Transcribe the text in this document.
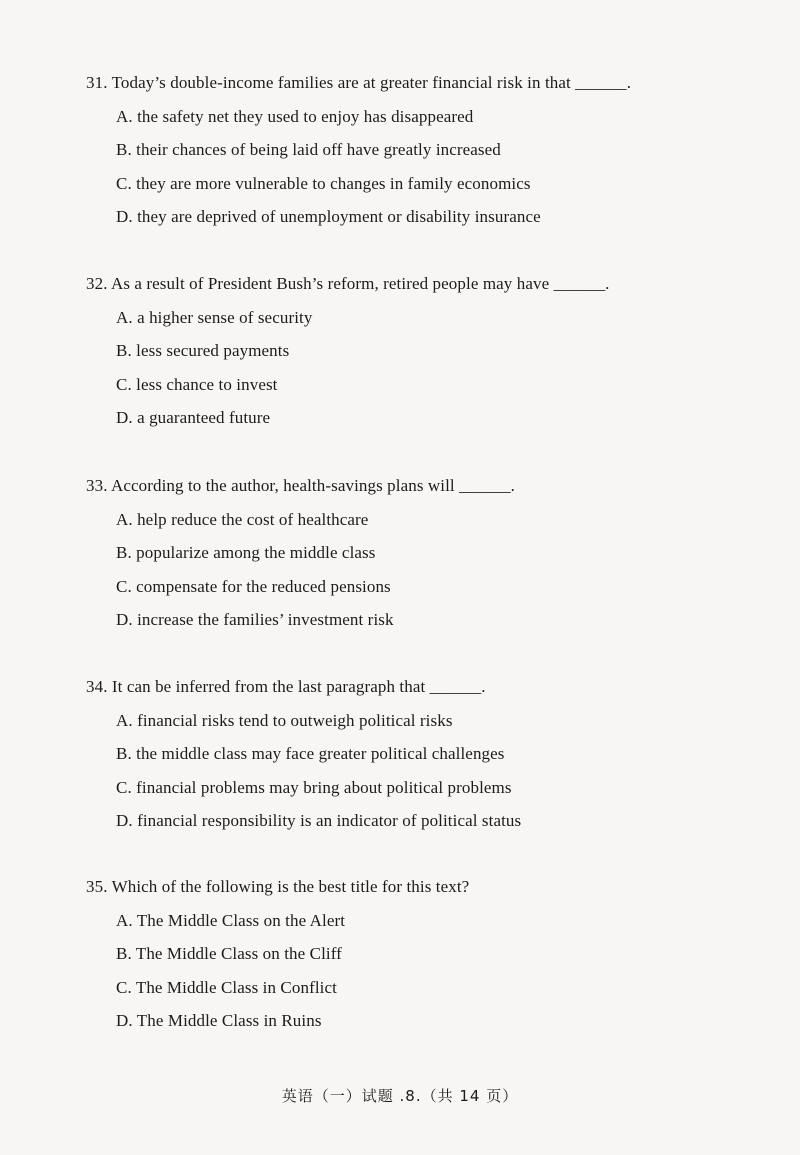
31. Today’s double-income families are at greater financial risk in that ______.
A. the safety net they used to enjoy has disappeared
B. their chances of being laid off have greatly increased
C. they are more vulnerable to changes in family economics
D. they are deprived of unemployment or disability insurance
32. As a result of President Bush’s reform, retired people may have ______.
A. a higher sense of security
B. less secured payments
C. less chance to invest
D. a guaranteed future
33. According to the author, health-savings plans will ______.
A. help reduce the cost of healthcare
B. popularize among the middle class
C. compensate for the reduced pensions
D. increase the families’ investment risk
34. It can be inferred from the last paragraph that ______.
A. financial risks tend to outweigh political risks
B. the middle class may face greater political challenges
C. financial problems may bring about political problems
D. financial responsibility is an indicator of political status
35. Which of the following is the best title for this text?
A. The Middle Class on the Alert
B. The Middle Class on the Cliff
C. The Middle Class in Conflict
D. The Middle Class in Ruins
英语（一）试题 .8.（共 14 页）
